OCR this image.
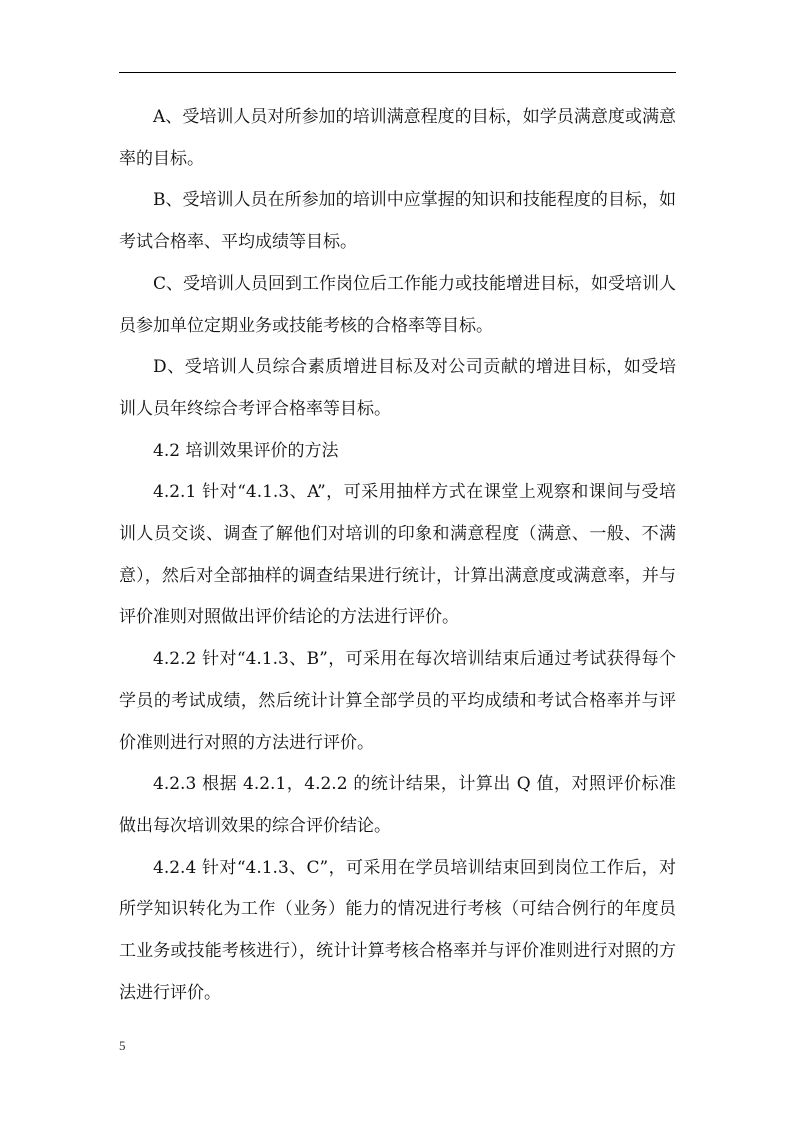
A、受培训人员对所参加的培训满意程度的目标，如学员满意度或满意率的目标。

B、受培训人员在所参加的培训中应掌握的知识和技能程度的目标，如考试合格率、平均成绩等目标。

C、受培训人员回到工作岗位后工作能力或技能增进目标，如受培训人员参加单位定期业务或技能考核的合格率等目标。

D、受培训人员综合素质增进目标及对公司贡献的增进目标，如受培训人员年终综合考评合格率等目标。

4.2 培训效果评价的方法

4.2.1 针对“4.1.3、A”，可采用抽样方式在课堂上观察和课间与受培训人员交谈、调查了解他们对培训的印象和满意程度（满意、一般、不满意），然后对全部抽样的调查结果进行统计，计算出满意度或满意率，并与评价准则对照做出评价结论的方法进行评价。

4.2.2 针对“4.1.3、B”，可采用在每次培训结束后通过考试获得每个学员的考试成绩，然后统计计算全部学员的平均成绩和考试合格率并与评价准则进行对照的方法进行评价。

4.2.3 根据 4.2.1，4.2.2 的统计结果，计算出 Q 值，对照评价标准做出每次培训效果的综合评价结论。

4.2.4 针对“4.1.3、C”，可采用在学员培训结束回到岗位工作后，对所学知识转化为工作（业务）能力的情况进行考核（可结合例行的年度员工业务或技能考核进行），统计计算考核合格率并与评价准则进行对照的方法进行评价。

5
